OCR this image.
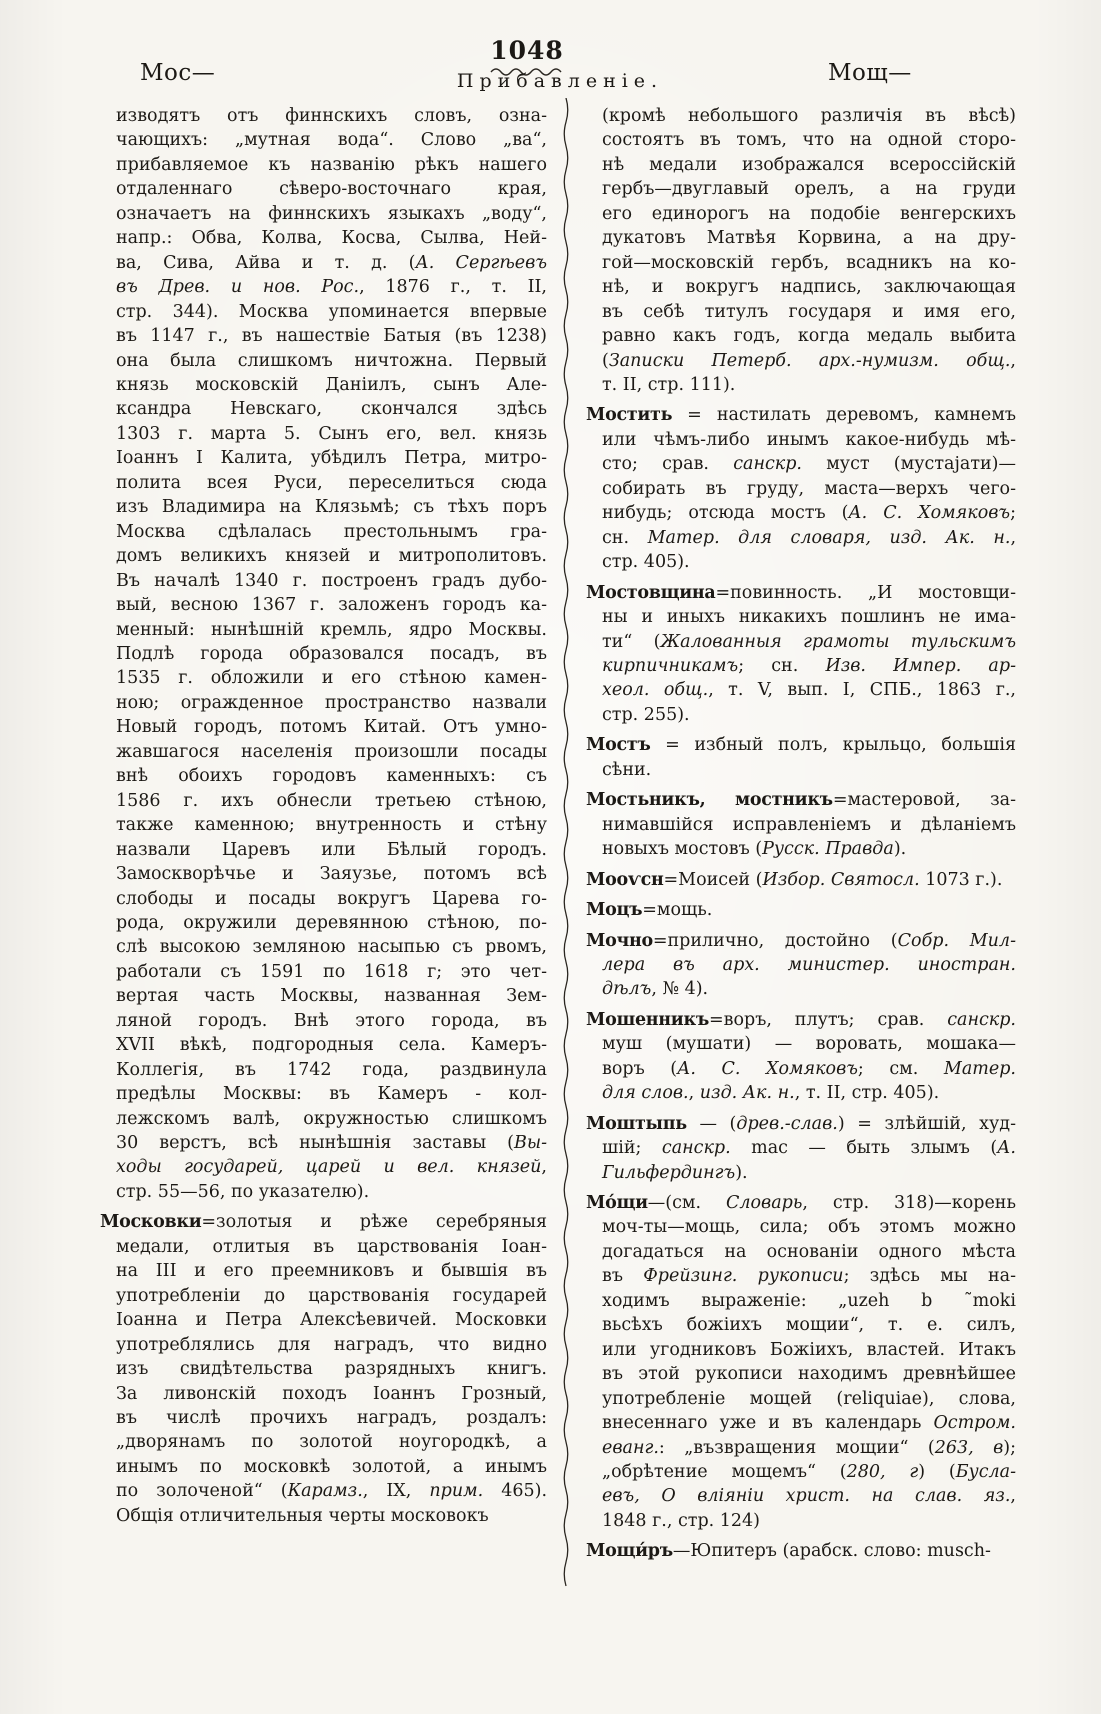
1048
Мос—	Прибавленіе.	Мощ—
изводятъ отъ финнскихъ словъ, озна-
чающихъ: „мутная вода“. Слово „ва“,
прибавляемое къ названію рѣкъ нашего
отдаленнаго сѣверо-восточнаго края,
означаетъ на финнскихъ языкахъ „воду“,
напр.: Обва, Колва, Косва, Сылва, Ней-
ва, Сива, Айва и т. д. (А. Сергѣевъ
въ Древ. и нов. Рос., 1876 г., т. II,
стр. 344). Москва упоминается впервые
въ 1147 г., въ нашествіе Батыя (въ 1238)
она была слишкомъ ничтожна. Первый
князь московскій Даніилъ, сынъ Але-
ксандра Невскаго, скончался здѣсь
1303 г. марта 5. Сынъ его, вел. князь
Іоаннъ I Калита, убѣдилъ Петра, митро-
полита всея Руси, переселиться сюда
изъ Владимира на Клязьмѣ; съ тѣхъ поръ
Москва сдѣлалась престольнымъ гра-
домъ великихъ князей и митрополитовъ.
Въ началѣ 1340 г. построенъ градъ дубо-
вый, весною 1367 г. заложенъ городъ ка-
менный: нынѣшній кремль, ядро Москвы.
Подлѣ города образовался посадъ, въ
1535 г. обложили и его стѣною камен-
ною; огражденное пространство назвали
Новый городъ, потомъ Китай. Отъ умно-
жавшагося населенія произошли посады
внѣ обоихъ городовъ каменныхъ: съ
1586 г. ихъ обнесли третьею стѣною,
также каменною; внутренность и стѣну
назвали Царевъ или Бѣлый городъ.
Замоскворѣчье и Заяузье, потомъ всѣ
слободы и посады вокругъ Царева го-
рода, окружили деревянною стѣною, по-
слѣ высокою земляною насыпью съ рвомъ,
работали съ 1591 по 1618 г; это чет-
вертая часть Москвы, названная Зем-
ляной городъ. Внѣ этого города, въ
XVII вѣкѣ, подгородныя села. Камеръ-
Коллегія, въ 1742 года, раздвинула
предѣлы Москвы: въ Камеръ - кол-
лежскомъ валѣ, окружностью слишкомъ
30 верстъ, всѣ нынѣшнія заставы (Вы-
ходы государей, царей и вел. князей,
стр. 55—56, по указателю).
Московки=золотыя и рѣже серебряныя
медали, отлитыя въ царствованія Іоан-
на III и его преемниковъ и бывшія въ
употребленіи до царствованія государей
Іоанна и Петра Алексѣевичей. Московки
употреблялись для наградъ, что видно
изъ свидѣтельства разрядныхъ книгъ.
За ливонскій походъ Іоаннъ Грозный,
въ числѣ прочихъ наградъ, роздалъ:
„дворянамъ по золотой ноугородкѣ, а
инымъ по московкѣ золотой, а инымъ
по золоченой“ (Карамз., IX, прим. 465).
Общія отличительныя черты московокъ
(кромѣ небольшого различія въ вѣсѣ)
состоятъ въ томъ, что на одной сторо-
нѣ медали изображался всероссійскій
гербъ—двуглавый орелъ, а на груди
его единорогъ на подобіе венгерскихъ
дукатовъ Матвѣя Корвина, а на дру-
гой—московскій гербъ, всадникъ на ко-
нѣ, и вокругъ надпись, заключающая
въ себѣ титулъ государя и имя его,
равно какъ годъ, когда медаль выбита
(Записки Петерб. арх.-нумизм. общ.,
т. II, стр. 111).
Мостить = настилать деревомъ, камнемъ
или чѣмъ-либо инымъ какое-нибудь мѣ-
сто; срав. санскр. муст (мустаjати)—
собирать въ груду, маста—верхъ чего-
нибудь; отсюда мостъ (А. С. Хомяковъ;
сн. Матер. для словаря, изд. Ак. н.,
стр. 405).
Мостовщина=повинность. „И мостовщи-
ны и иныхъ никакихъ пошлинъ не има-
ти“ (Жалованныя грамоты тульскимъ
кирпичникамъ; сн. Изв. Импер. ар-
хеол. общ., т. V, вып. I, СПБ., 1863 г.,
стр. 255).
Мостъ = избный полъ, крыльцо, большія
сѣни.
Мостьникъ, мостникъ=мастеровой, за-
нимавшійся исправленіемъ и дѣланіемъ
новыхъ мостовъ (Русск. Правда).
Мооѵсн=Моисей (Избор. Святосл. 1073 г.).
Моцъ=мощь.
Мочно=прилично, достойно (Собр. Мил-
лера въ арх. министер. иностран.
дѣлъ, № 4).
Мошенникъ=воръ, плутъ; срав. санскр.
муш (мушати) — воровать, мошака—
воръ (А. С. Хомяковъ; см. Матер.
для слов., изд. Ак. н., т. II, стр. 405).
Моштыпь — (древ.-слав.) = злѣйшій, худ-
шій; санскр. mac — быть злымъ (А.
Гильфердингъ).
Мо́щи—(см. Словарь, стр. 318)—корень
моч-ты—мощь, сила; объ этомъ можно
догадаться на основаніи одного мѣста
въ Фрейзинг. рукописи; здѣсь мы на-
ходимъ выраженіе: „uzeh b ˜moki
вьсѣхъ божіихъ мощии“, т. е. силъ,
или угодниковъ Божіихъ, властей. Итакъ
въ этой рукописи находимъ древнѣйшее
употребленіе мощей (reliquiae), слова,
внесеннаго уже и въ календарь Остром.
еванг.: „възвращения мощии“ (263, в);
„обрѣтение мощемъ“ (280, г) (Бусла-
евъ, О вліяніи христ. на слав. яз.,
1848 г., стр. 124)
Мощи́ръ—Юпитеръ (арабск. слово: musch-
